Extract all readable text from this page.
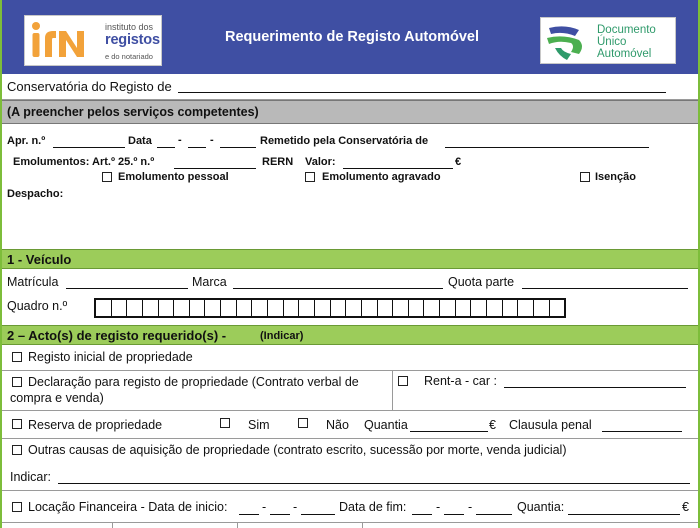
instituto dos
registos
e do notariado
Requerimento de Registo Automóvel	Documento
Único
Automóvel
Conservatória do Registo de
(A preencher pelos serviços competentes)
Apr. n.º	Data -	-	Remetido pela Conservatória de
Emolumentos: Art.º 25.º n.º	RERN Valor:	€
Emolumento pessoal	Emolumento agravado	Isenção
Despacho:
1 - Veículo
Matrícula	Marca	Quota parte
Quadro n.º
2 – Acto(s) de registo requerido(s) -	(Indicar)
Registo inicial de propriedade
Declaração para registo de propriedade (Contrato verbal de
compra e venda)
Rent-a - car :
Reserva de propriedade	Sim	Não Quantia	€ Clausula penal
Outras causas de aquisição de propriedade (contrato escrito, sucessão por morte, venda judicial)
Indicar:
Locação Financeira - Data de inicio:	- -	Data de fim: - -	Quantia:	€
